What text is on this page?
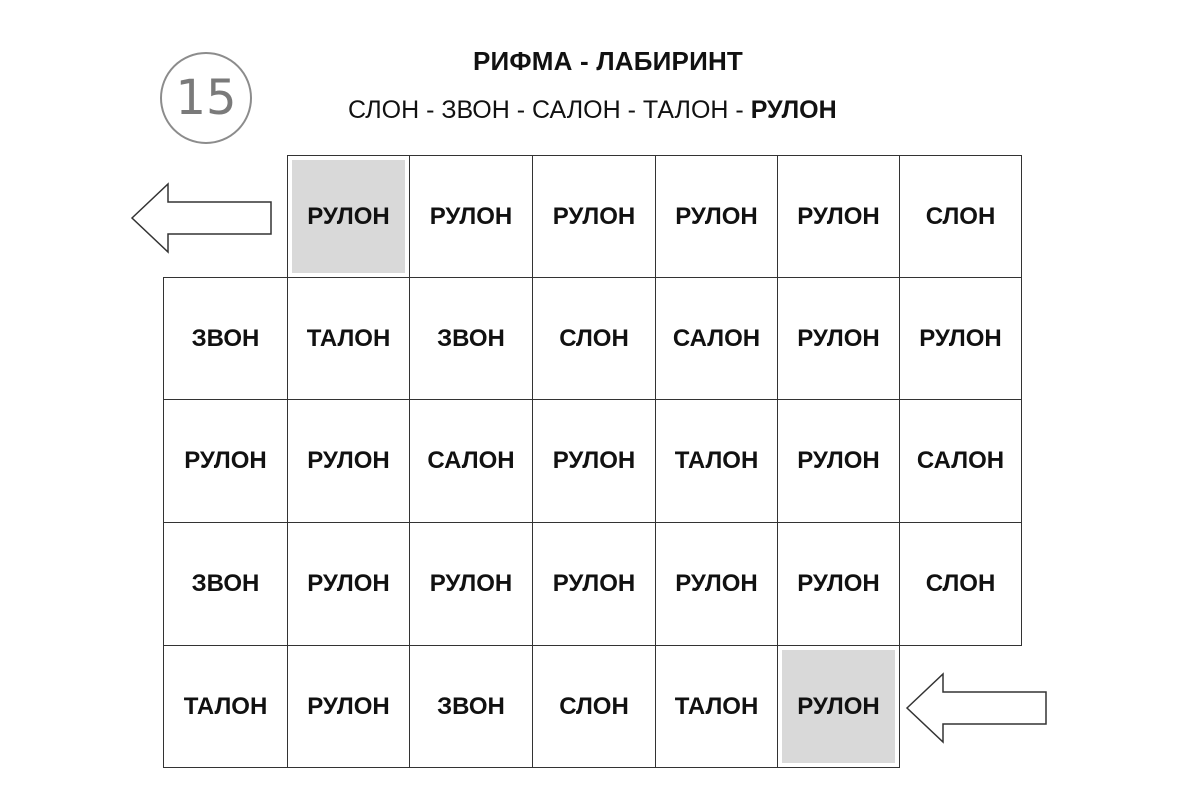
15
РИФМА - ЛАБИРИНТ
СЛОН - ЗВОН - САЛОН - ТАЛОН - РУЛОН
РУЛОН РУЛОН РУЛОН РУЛОН РУЛОН СЛОН
ЗВОН ТАЛОН ЗВОН СЛОН САЛОН РУЛОН РУЛОН
РУЛОН РУЛОН САЛОН РУЛОН ТАЛОН РУЛОН САЛОН
ЗВОН РУЛОН РУЛОН РУЛОН РУЛОН РУЛОН СЛОН
ТАЛОН РУЛОН ЗВОН СЛОН ТАЛОН РУЛОН
